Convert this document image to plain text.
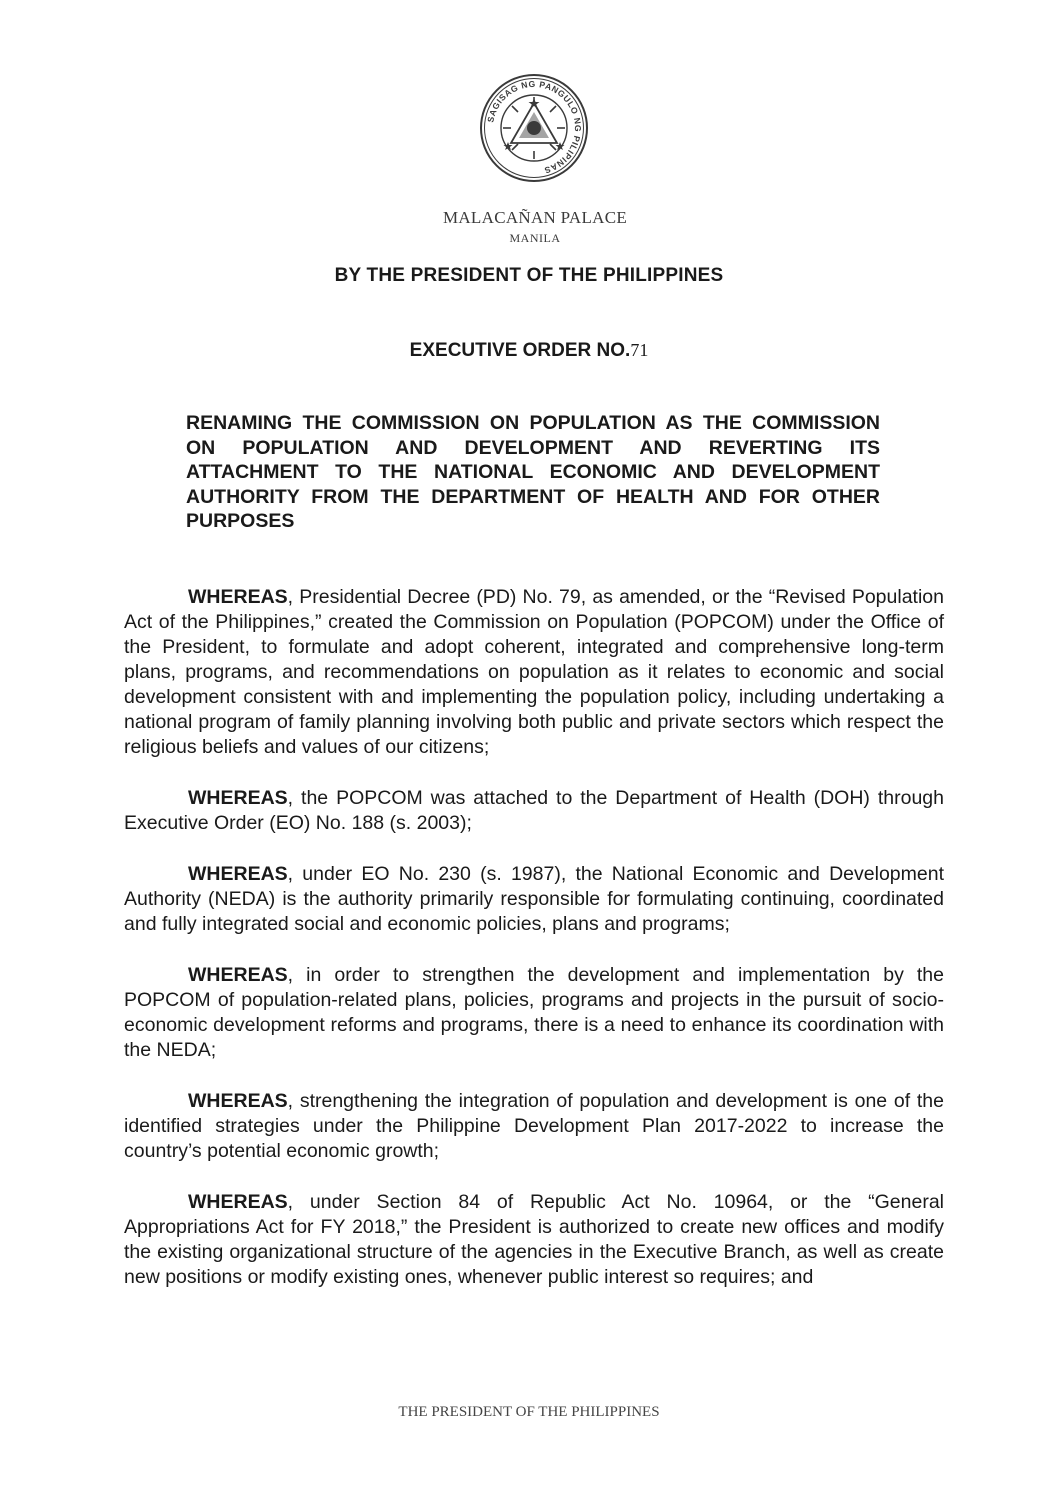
SAGISAG NG PANGULO NG PILIPINAS
MALACAÑAN PALACE
MANILA
BY THE PRESIDENT OF THE PHILIPPINES
EXECUTIVE ORDER NO.71
RENAMING THE COMMISSION ON POPULATION AS THE COMMISSION ON POPULATION AND DEVELOPMENT AND REVERTING ITS ATTACHMENT TO THE NATIONAL ECONOMIC AND DEVELOPMENT AUTHORITY FROM THE DEPARTMENT OF HEALTH AND FOR OTHER PURPOSES

WHEREAS, Presidential Decree (PD) No. 79, as amended, or the “Revised Population Act of the Philippines,” created the Commission on Population (POPCOM) under the Office of the President, to formulate and adopt coherent, integrated and comprehensive long-term plans, programs, and recommendations on population as it relates to economic and social development consistent with and implementing the population policy, including undertaking a national program of family planning involving both public and private sectors which respect the religious beliefs and values of our citizens;

WHEREAS, the POPCOM was attached to the Department of Health (DOH) through Executive Order (EO) No. 188 (s. 2003);

WHEREAS, under EO No. 230 (s. 1987), the National Economic and Development Authority (NEDA) is the authority primarily responsible for formulating continuing, coordinated and fully integrated social and economic policies, plans and programs;

WHEREAS, in order to strengthen the development and implementation by the POPCOM of population-related plans, policies, programs and projects in the pursuit of socio-economic development reforms and programs, there is a need to enhance its coordination with the NEDA;

WHEREAS, strengthening the integration of population and development is one of the identified strategies under the Philippine Development Plan 2017-2022 to increase the country’s potential economic growth;

WHEREAS, under Section 84 of Republic Act No. 10964, or the “General Appropriations Act for FY 2018,” the President is authorized to create new offices and modify the existing organizational structure of the agencies in the Executive Branch, as well as create new positions or modify existing ones, whenever public interest so requires; and

THE PRESIDENT OF THE PHILIPPINES
